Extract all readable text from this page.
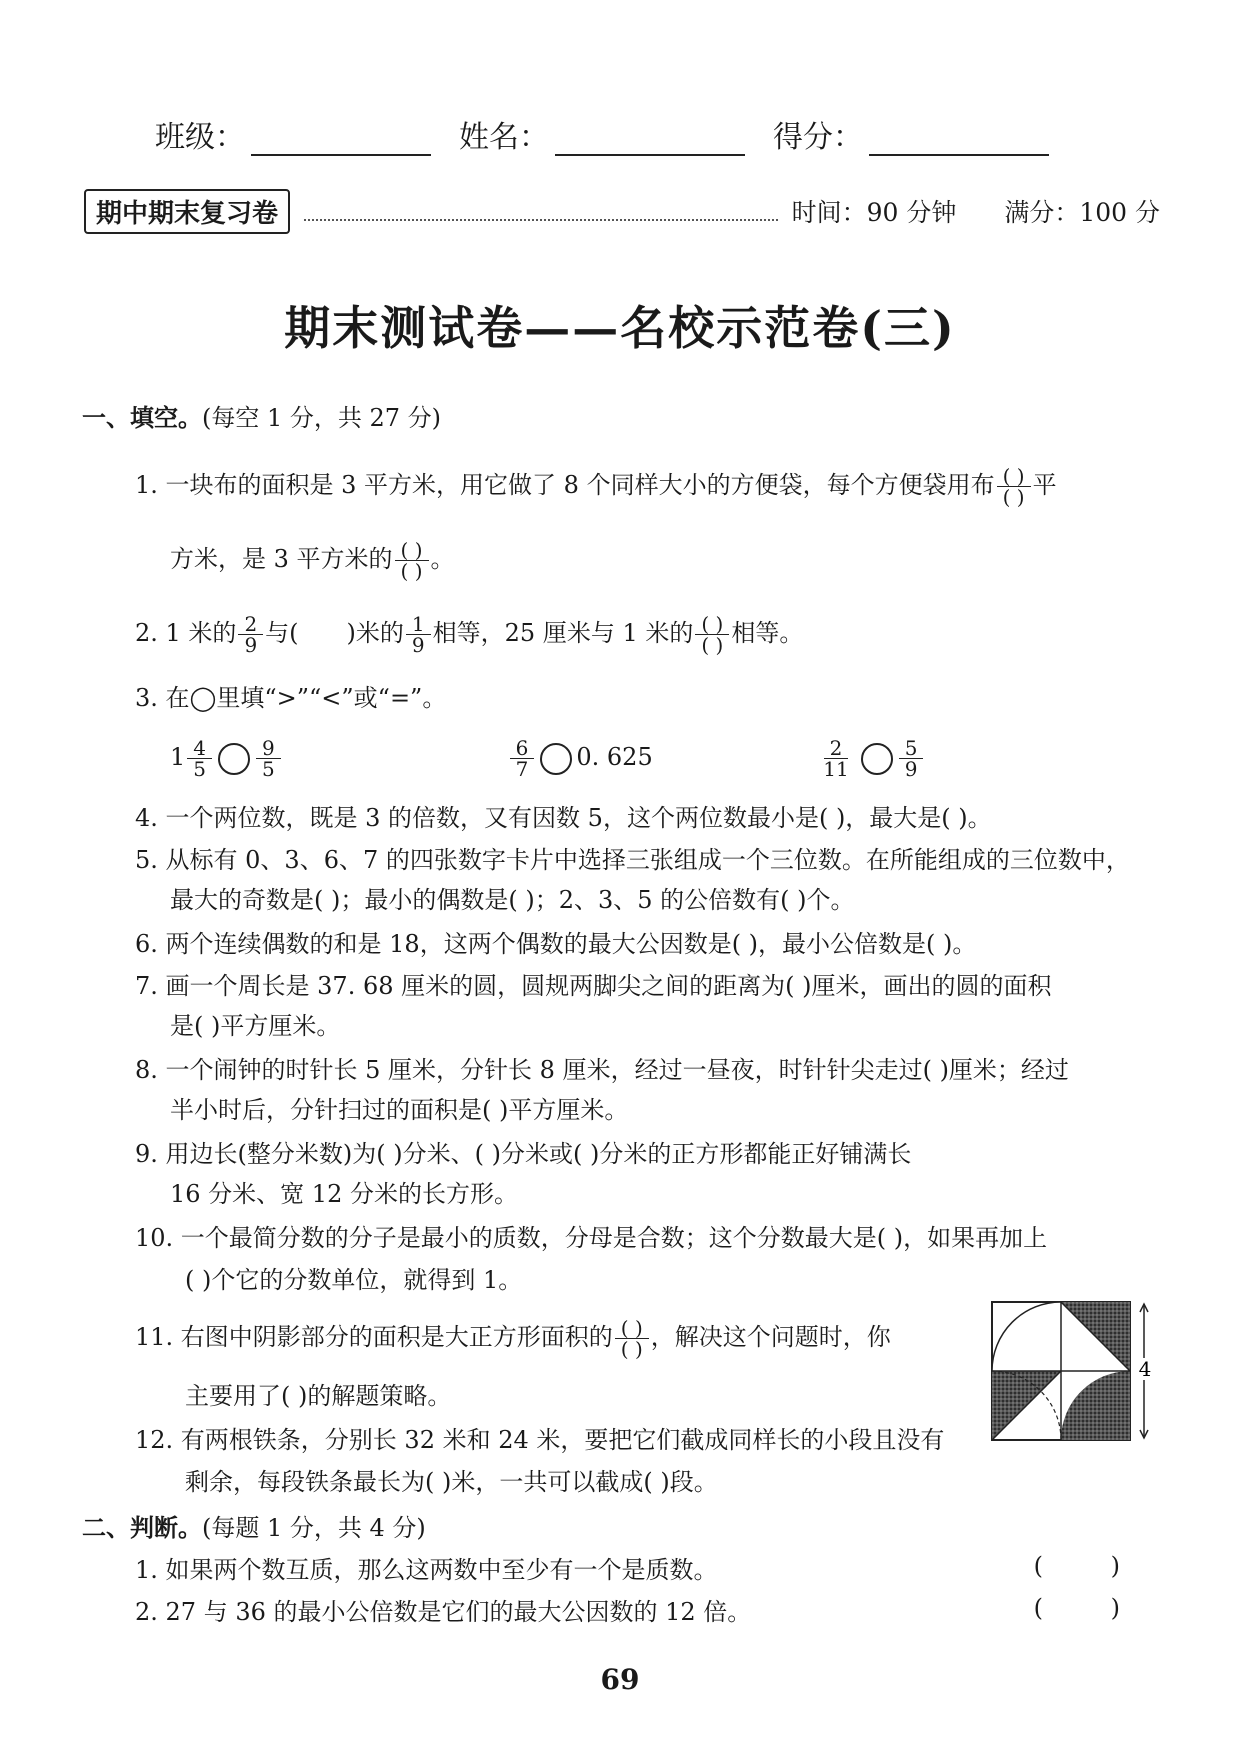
班级：	姓名：	得分：
期中期末复习卷	时间：90 分钟 满分：100 分
期末测试卷——名校示范卷(三)
一、填空。(每空 1 分，共 27 分)
1. 一块布的面积是 3 平方米，用它做了 8 个同样大小的方便袋，每个方便袋用布 $\frac{( )}{( )}$ 平
方米，是 3 平方米的 $\frac{( )}{( )}$ 。
2. 1 米的 $\frac{2}{9}$ 与( )米的 $\frac{1}{9}$ 相等，25 厘米与 1 米的 $\frac{( )}{( )}$ 相等。
3. 在◯里填“>”“<”或“=”。
$1 \frac{4}{5} \frac{9}{5}$
	$\frac{6}{7} 0$. 625	$\frac{2}{11} \frac{5}{9}$
4. 一个两位数，既是 3 的倍数，又有因数 5，这个两位数最小是( )，最大是( )。
5. 从标有 0、3、6、7 的四张数字卡片中选择三张组成一个三位数。在所能组成的三位数中，
最大的奇数是( )；最小的偶数是( )；2、3、5 的公倍数有( )个。
6. 两个连续偶数的和是 18，这两个偶数的最大公因数是( )，最小公倍数是( )。
7. 画一个周长是 37. 68 厘米的圆，圆规两脚尖之间的距离为( )厘米，画出的圆的面积
是( )平方厘米。
8. 一个闹钟的时针长 5 厘米，分针长 8 厘米，经过一昼夜，时针针尖走过( )厘米；经过
半小时后，分针扫过的面积是( )平方厘米。
9. 用边长(整分米数)为( )分米、( )分米或( )分米的正方形都能正好铺满长
16 分米、宽 12 分米的长方形。
10. 一个最简分数的分子是最小的质数，分母是合数；这个分数最大是( )，如果再加上
( )个它的分数单位，就得到 1。
11. 右图中阴影部分的面积是大正方形面积的 $\frac{( )}{( )}$ ，解决这个问题时，你
主要用了( )的解题策略。
4
12. 有两根铁条，分别长 32 米和 24 米，要把它们截成同样长的小段且没有
剩余，每段铁条最长为( )米，一共可以截成( )段。
二、判断。(每题 1 分，共 4 分)
1. 如果两个数互质，那么这两数中至少有一个是质数。	( )
2. 27 与 36 的最小公倍数是它们的最大公因数的 12 倍。	( )
69
